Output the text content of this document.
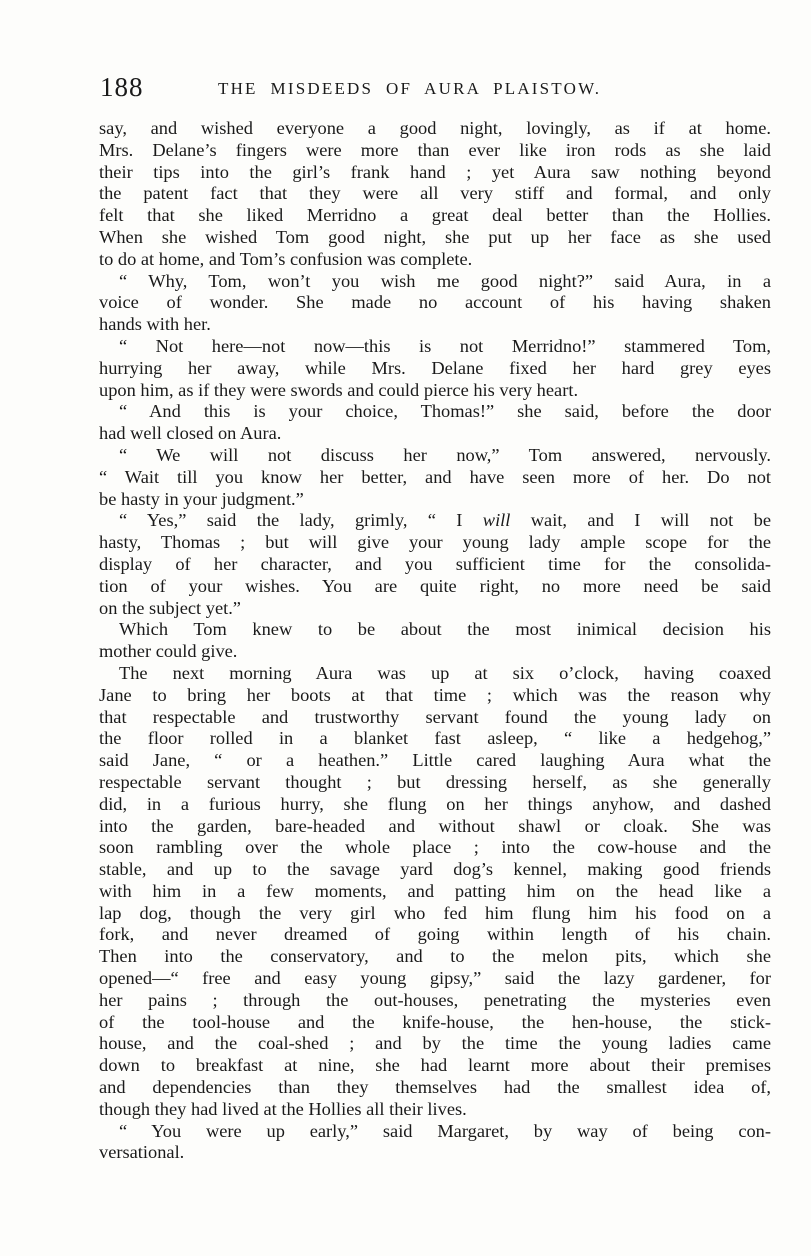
188	THE  MISDEEDS  OF  AURA  PLAISTOW.
say, and wished everyone a good night, lovingly, as if at home.
Mrs. Delane’s fingers were more than ever like iron rods as she laid
their tips into the girl’s frank hand ; yet Aura saw nothing beyond
the patent fact that they were all very stiff and formal, and only
felt that she liked Merridno a great deal better than the Hollies.
When she wished Tom good night, she put up her face as she used
to do at home, and Tom’s confusion was complete.
“ Why, Tom, won’t you wish me good night?” said Aura, in a
voice of wonder. She made no account of his having shaken
hands with her.
“ Not here—not now—this is not Merridno!” stammered Tom,
hurrying her away, while Mrs. Delane fixed her hard grey eyes
upon him, as if they were swords and could pierce his very heart.
“ And this is your choice, Thomas!” she said, before the door
had well closed on Aura.
“ We will not discuss her now,” Tom answered, nervously.
“ Wait till you know her better, and have seen more of her. Do not
be hasty in your judgment.”
“ Yes,” said the lady, grimly, “ I will wait, and I will not be
hasty, Thomas ; but will give your young lady ample scope for the
display of her character, and you sufficient time for the consolida-
tion of your wishes. You are quite right, no more need be said
on the subject yet.”
Which Tom knew to be about the most inimical decision his
mother could give.
The next morning Aura was up at six o’clock, having coaxed
Jane to bring her boots at that time ; which was the reason why
that respectable and trustworthy servant found the young lady on
the floor rolled in a blanket fast asleep, “ like a hedgehog,”
said Jane, “ or a heathen.” Little cared laughing Aura what the
respectable servant thought ; but dressing herself, as she generally
did, in a furious hurry, she flung on her things anyhow, and dashed
into the garden, bare-headed and without shawl or cloak. She was
soon rambling over the whole place ; into the cow-house and the
stable, and up to the savage yard dog’s kennel, making good friends
with him in a few moments, and patting him on the head like a
lap dog, though the very girl who fed him flung him his food on a
fork, and never dreamed of going within length of his chain.
Then into the conservatory, and to the melon pits, which she
opened—“ free and easy young gipsy,” said the lazy gardener, for
her pains ; through the out-houses, penetrating the mysteries even
of the tool-house and the knife-house, the hen-house, the stick-
house, and the coal-shed ; and by the time the young ladies came
down to breakfast at nine, she had learnt more about their premises
and dependencies than they themselves had the smallest idea of,
though they had lived at the Hollies all their lives.
“ You were up early,” said Margaret, by way of being con-
versational.
